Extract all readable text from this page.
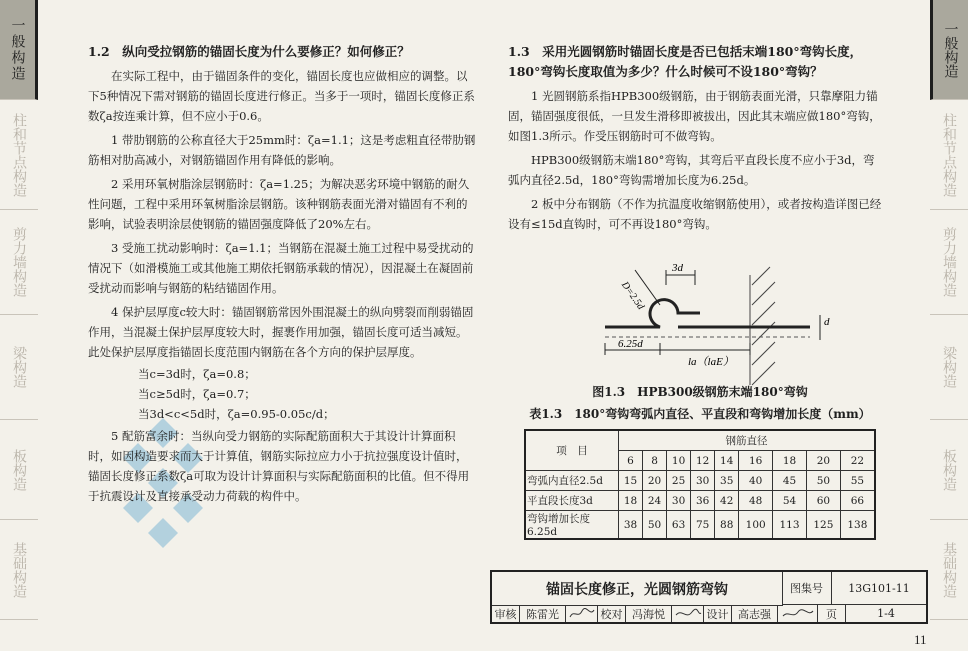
一般构造
柱和节点构造
剪力墙构造
梁构造
板构造
基础构造
一般构造
柱和节点构造
剪力墙构造
梁构造
板构造
基础构造

1.2　纵向受拉钢筋的锚固长度为什么要修正？如何修正？

在实际工程中，由于锚固条件的变化，锚固长度也应做相应的调整。以下5种情况下需对钢筋的锚固长度进行修正。当多于一项时，锚固长度修正系数ζa按连乘计算，但不应小于0.6。

1 带肋钢筋的公称直径大于25mm时：ζa=1.1；这是考虑粗直径带肋钢筋相对肋高减小，对钢筋锚固作用有降低的影响。

2 采用环氧树脂涂层钢筋时：ζa=1.25；为解决恶劣环境中钢筋的耐久性问题，工程中采用环氧树脂涂层钢筋。该种钢筋表面光滑对锚固有不利的影响，试验表明涂层使钢筋的锚固强度降低了20%左右。

3 受施工扰动影响时：ζa=1.1；当钢筋在混凝土施工过程中易受扰动的情况下（如滑模施工或其他施工期依托钢筋承载的情况），因混凝土在凝固前受扰动而影响与钢筋的粘结锚固作用。

4 保护层厚度c较大时：锚固钢筋常因外围混凝土的纵向劈裂而削弱锚固作用，当混凝土保护层厚度较大时，握裹作用加强，锚固长度可适当减短。此处保护层厚度指锚固长度范围内钢筋在各个方向的保护层厚度。

当c=3d时，ζa=0.8；

当c≥5d时，ζa=0.7；

当3d<c<5d时，ζa=0.95-0.05c/d；

5 配筋富余时：当纵向受力钢筋的实际配筋面积大于其设计计算面积时，如因构造要求而大于计算值，钢筋实际拉应力小于抗拉强度设计值时，锚固长度修正系数ζa可取为设计计算面积与实际配筋面积的比值。但不得用于抗震设计及直接承受动力荷载的构件中。

1.3　采用光圆钢筋时锚固长度是否已包括末端180°弯钩长度，180°弯钩长度取值为多少？什么时候可不设180°弯钩？

1 光圆钢筋系指HPB300级钢筋，由于钢筋表面光滑，只靠摩阻力锚固，锚固强度很低，一旦发生滑移即被拔出，因此其末端应做180°弯钩，如图1.3所示。作受压钢筋时可不做弯钩。

HPB300级钢筋末端180°弯钩，其弯后平直段长度不应小于3d，弯弧内直径2.5d，180°弯钩需增加长度为6.25d。

2 板中分布钢筋（不作为抗温度收缩钢筋使用），或者按构造详图已经设有≤15d直钩时，可不再设180°弯钩。

3d
D=2.5d
6.25d
la（laE）
d
图1.3　HPB300级钢筋末端180°弯钩
表1.3　180°弯钩弯弧内直径、平直段和弯钩增加长度（mm）
项　目	钢筋直径								
	6	8	10	12	14	16	18	20	22
弯弧内直径2.5d	15	20	25	30	35	40	45	50	55
平直段长度3d	18	24	30	36	42	48	54	60	66
弯钩增加长度6.25d	38	50	63	75	88	100	113	125	138
锚固长度修正，光圆钢筋弯钩	图集号	13G101-11
审核 陈雷光	校对 冯海悦	设计 高志强	页	1-4
11
